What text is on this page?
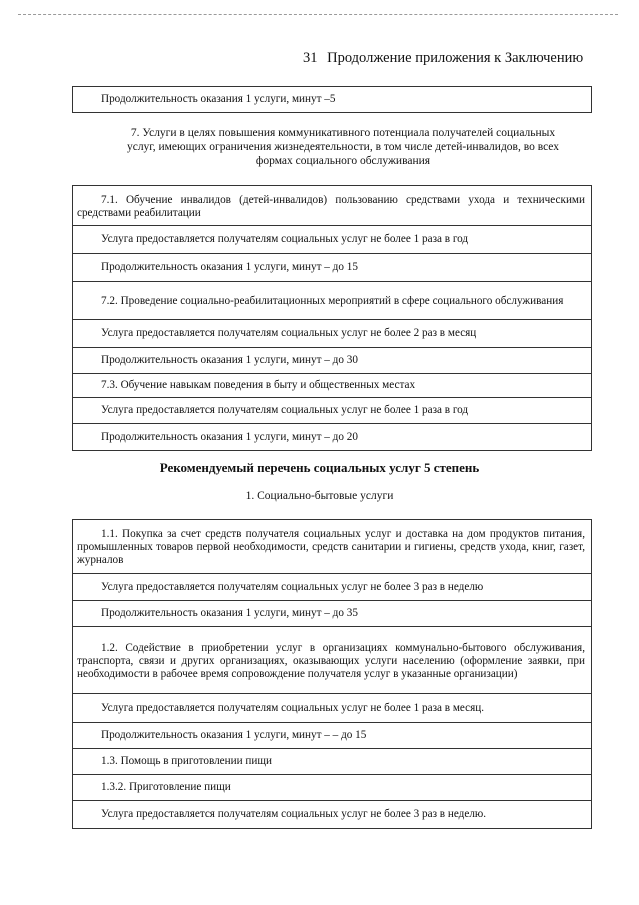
31 Продолжение приложения к Заключению
Продолжительность оказания 1 услуги, минут –5
7. Услуги в целях повышения коммуникативного потенциала получателей социальных
услуг, имеющих ограничения жизнедеятельности, в том числе детей-инвалидов, во всех
формах социального обслуживания
7.1. Обучение инвалидов (детей-инвалидов) пользованию средствами ухода и техническими средствами реабилитации
Услуга предоставляется получателям социальных услуг не более 1 раза в год
Продолжительность оказания 1 услуги, минут – до 15
7.2. Проведение социально-реабилитационных мероприятий в сфере социального обслуживания
Услуга предоставляется получателям социальных услуг не более 2 раз в месяц
Продолжительность оказания 1 услуги, минут – до 30
7.3. Обучение навыкам поведения в быту и общественных местах
Услуга предоставляется получателям социальных услуг не более 1 раза в год
Продолжительность оказания 1 услуги, минут – до 20
Рекомендуемый перечень социальных услуг 5 степень
1. Социально-бытовые услуги
1.1. Покупка за счет средств получателя социальных услуг и доставка на дом продуктов питания, промышленных товаров первой необходимости, средств санитарии и гигиены, средств ухода, книг, газет, журналов
Услуга предоставляется получателям социальных услуг не более 3 раз в неделю
Продолжительность оказания 1 услуги, минут – до 35
1.2. Содействие в приобретении услуг в организациях коммунально-бытового обслуживания, транспорта, связи и других организациях, оказывающих услуги населению (оформление заявки, при необходимости в рабочее время сопровождение получателя услуг в указанные организации)
Услуга предоставляется получателям социальных услуг не более 1 раза в месяц.
Продолжительность оказания 1 услуги, минут – – до 15
1.3. Помощь в приготовлении пищи
1.3.2. Приготовление пищи
Услуга предоставляется получателям социальных услуг не более 3 раз в неделю.
